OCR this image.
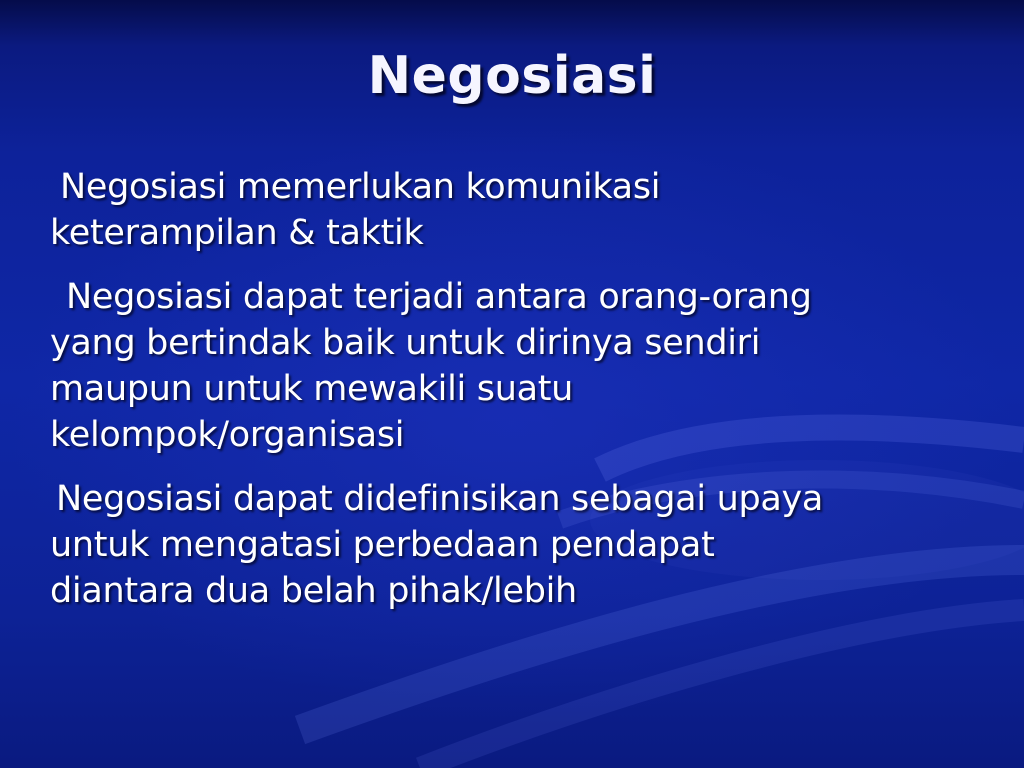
Negosiasi

Negosiasi memerlukan komunikasi
keterampilan & taktik

Negosiasi dapat terjadi antara orang-orang
yang bertindak baik untuk dirinya sendiri
maupun untuk mewakili suatu
kelompok/organisasi

Negosiasi dapat didefinisikan sebagai upaya
untuk mengatasi perbedaan pendapat
diantara dua belah pihak/lebih
